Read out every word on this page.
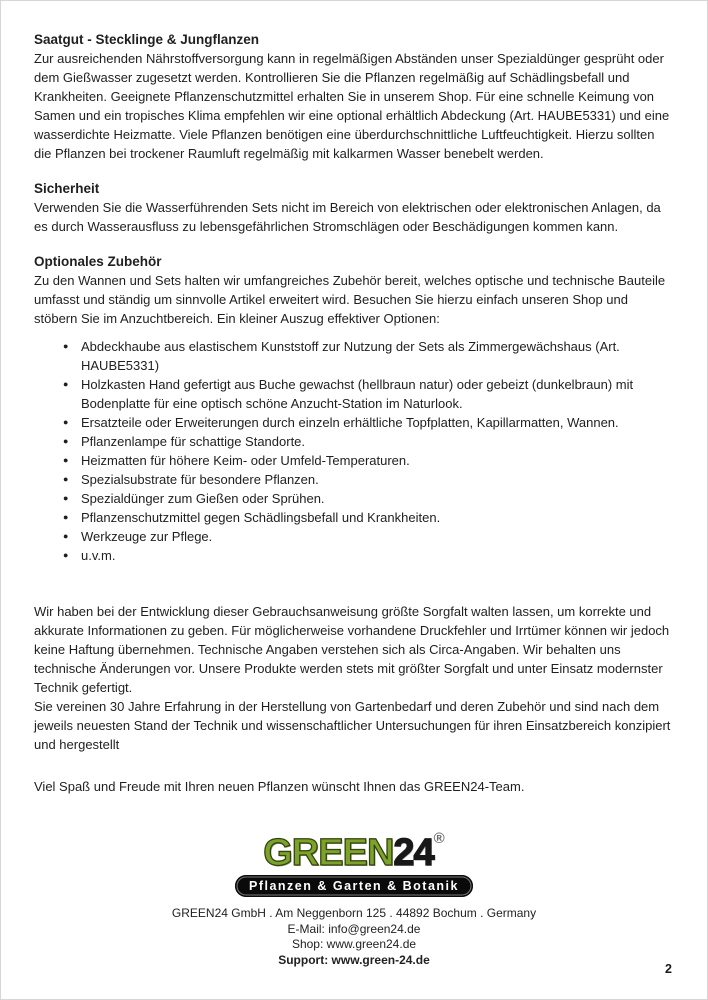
Saatgut - Stecklinge & Jungflanzen

Zur ausreichenden Nährstoffversorgung kann in regelmäßigen Abständen unser Spezialdünger gesprüht oder dem Gießwasser zugesetzt werden. Kontrollieren Sie die Pflanzen regelmäßig auf Schädlingsbefall und Krankheiten. Geeignete Pflanzenschutzmittel erhalten Sie in unserem Shop. Für eine schnelle Keimung von Samen und ein tropisches Klima empfehlen wir eine optional erhältlich Abdeckung (Art. HAUBE5331) und eine wasserdichte Heizmatte. Viele Pflanzen benötigen eine überdurchschnittliche Luftfeuchtigkeit. Hierzu sollten die Pflanzen bei trockener Raumluft regelmäßig mit kalkarmen Wasser benebelt werden.

Sicherheit

Verwenden Sie die Wasserführenden Sets nicht im Bereich von elektrischen oder elektronischen Anlagen, da es durch Wasserausfluss zu lebensgefährlichen Stromschlägen oder Beschädigungen kommen kann.

Optionales Zubehör

Zu den Wannen und Sets halten wir umfangreiches Zubehör bereit, welches optische und technische Bauteile umfasst und ständig um sinnvolle Artikel erweitert wird. Besuchen Sie hierzu einfach unseren Shop und stöbern Sie im Anzuchtbereich. Ein kleiner Auszug effektiver Optionen:

● Abdeckhaube aus elastischem Kunststoff zur Nutzung der Sets als Zimmergewächshaus (Art. HAUBE5331)
● Holzkasten Hand gefertigt aus Buche gewachst (hellbraun natur) oder gebeizt (dunkelbraun) mit Bodenplatte für eine optisch schöne Anzucht-Station im Naturlook.
● Ersatzteile oder Erweiterungen durch einzeln erhältliche Topfplatten, Kapillarmatten, Wannen.
● Pflanzenlampe für schattige Standorte.
● Heizmatten für höhere Keim- oder Umfeld-Temperaturen.
● Spezialsubstrate für besondere Pflanzen.
● Spezialdünger zum Gießen oder Sprühen.
● Pflanzenschutzmittel gegen Schädlingsbefall und Krankheiten.
● Werkzeuge zur Pflege.
● u.v.m.

Wir haben bei der Entwicklung dieser Gebrauchsanweisung größte Sorgfalt walten lassen, um korrekte und akkurate Informationen zu geben. Für möglicherweise vorhandene Druckfehler und Irrtümer können wir jedoch keine Haftung übernehmen. Technische Angaben verstehen sich als Circa-Angaben. Wir behalten uns technische Änderungen vor. Unsere Produkte werden stets mit größter Sorgfalt und unter Einsatz modernster Technik gefertigt.

Sie vereinen 30 Jahre Erfahrung in der Herstellung von Gartenbedarf und deren Zubehör und sind nach dem jeweils neuesten Stand der Technik und wissenschaftlicher Untersuchungen für ihren Einsatzbereich konzipiert und hergestellt

Viel Spaß und Freude mit Ihren neuen Pflanzen wünscht Ihnen das GREEN24-Team.

GREEN24®
Pflanzen & Garten & Botanik

GREEN24 GmbH . Am Neggenborn 125 . 44892 Bochum . Germany

E-Mail: info@green24.de

Shop: www.green24.de

Support: www.green-24.de

2
